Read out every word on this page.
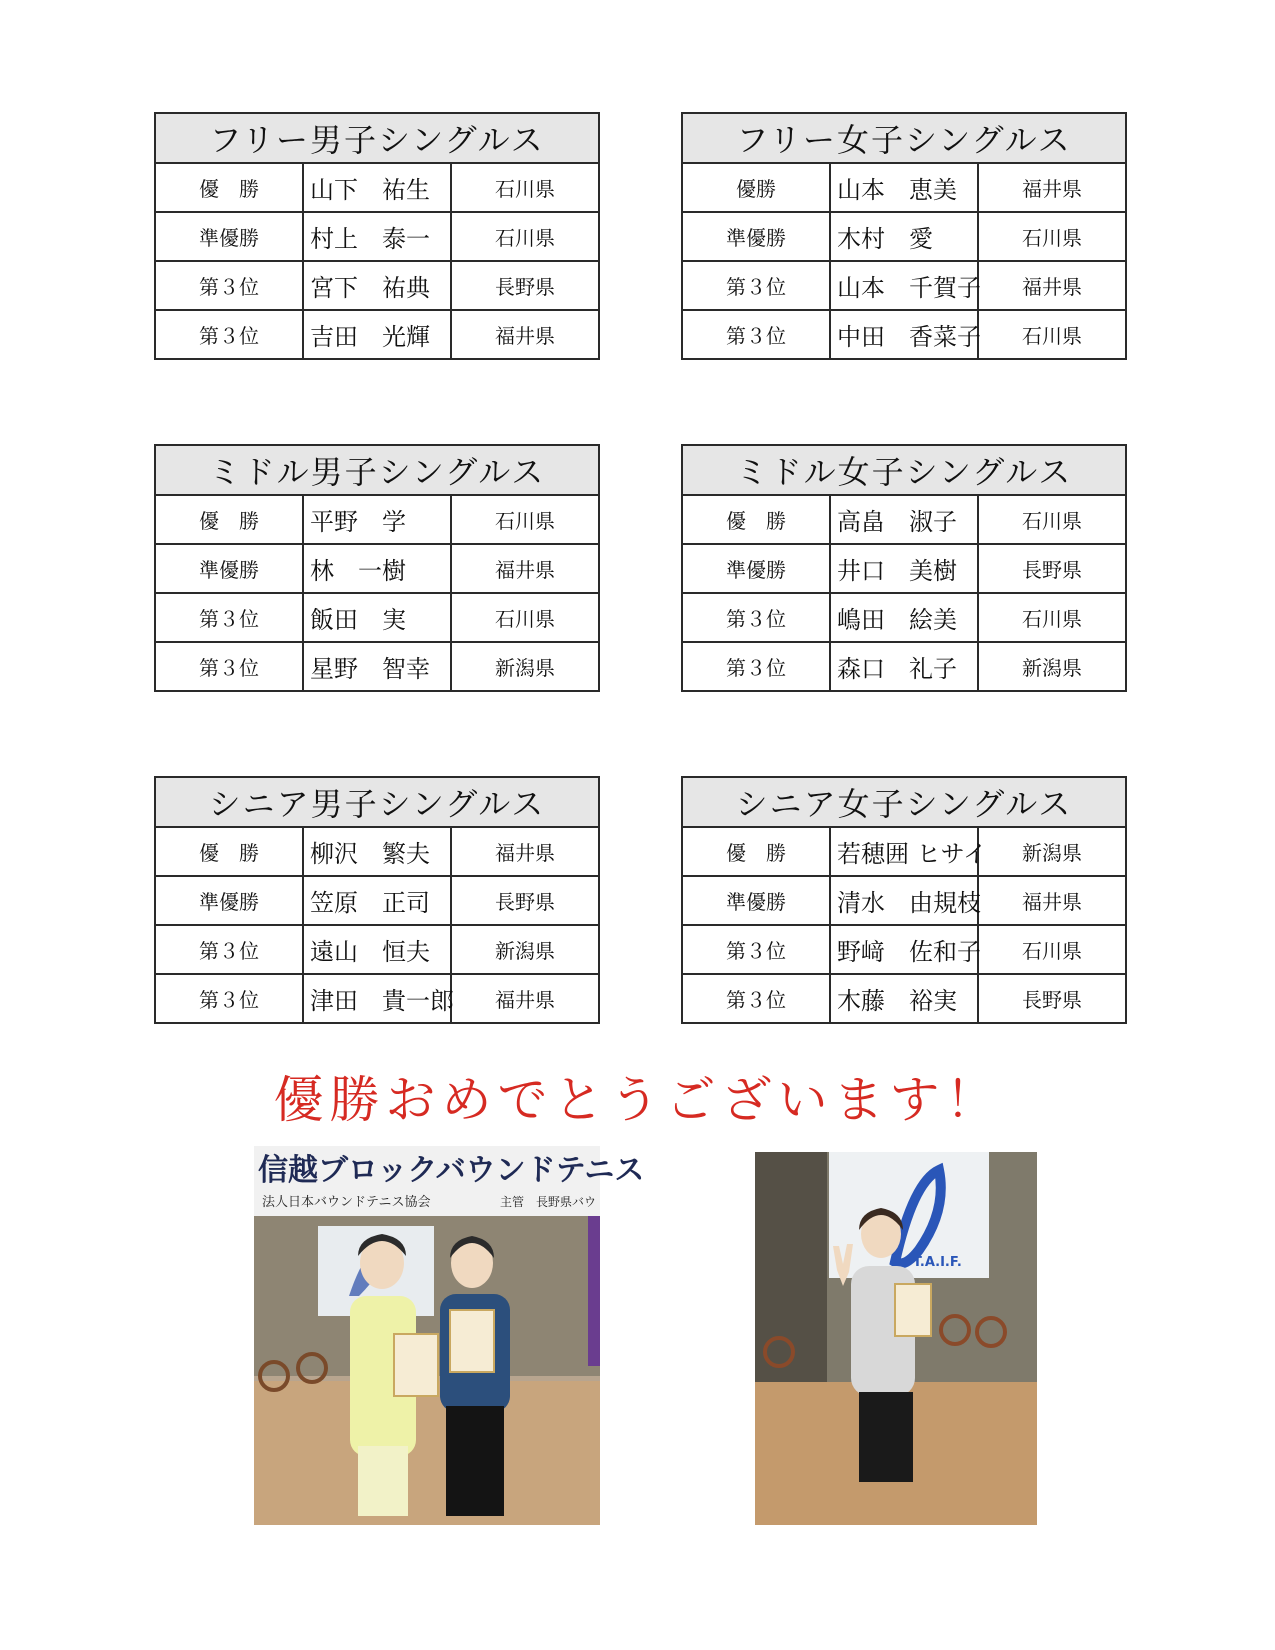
フリー男子シングルス		
優　勝	山下　祐生	石川県
準優勝	村上　泰一	石川県
第３位	宮下　祐典	長野県
第３位	吉田　光輝	福井県
フリー女子シングルス		
優勝	山本　恵美	福井県
準優勝	木村　愛	石川県
第３位	山本　千賀子	福井県
第３位	中田　香菜子	石川県
ミドル男子シングルス		
優　勝	平野　学	石川県
準優勝	林　一樹	福井県
第３位	飯田　実	石川県
第３位	星野　智幸	新潟県
ミドル女子シングルス		
優　勝	高畠　淑子	石川県
準優勝	井口　美樹	長野県
第３位	嶋田　絵美	石川県
第３位	森口　礼子	新潟県
シニア男子シングルス		
優　勝	柳沢　繁夫	福井県
準優勝	笠原　正司	長野県
第３位	遠山　恒夫	新潟県
第３位	津田　貴一郎	福井県
シニア女子シングルス		
優　勝	若穂囲 ヒサイ	新潟県
準優勝	清水　由規枝	福井県
第３位	野﨑　佐和子	石川県
第３位	木藤　裕実	長野県
優勝おめでとうございます！
信越ブロックバウンドテニス
法人日本バウンドテニス協会	主管　長野県バウ
T.A.I.F.
